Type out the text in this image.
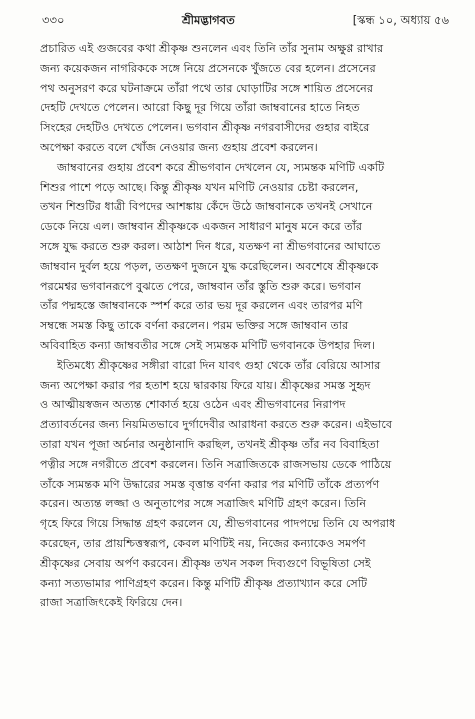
৩৩০	শ্রীমদ্ভাগবত	[স্কন্ধ ১০, অধ্যায় ৫৬
প্রচারিত এই গুজবের কথা শ্রীকৃষ্ণ শুনলেন এবং তিনি তাঁর সুনাম অক্ষুণ্ণ রাখার
জন্য কয়েকজন নাগরিককে সঙ্গে নিয়ে প্রসেনকে খুঁজতে বের হলেন। প্রসেনের
পথ অনুসরণ করে ঘটনাক্রমে তাঁরা পথে তার ঘোড়াটির সঙ্গে শায়িত প্রসেনের
দেহটি দেখতে পেলেন। আরো কিছু দূর গিয়ে তাঁরা জাম্ববানের হাতে নিহত
সিংহের দেহটিও দেখতে পেলেন। ভগবান শ্রীকৃষ্ণ নগরবাসীদের গুহার বাইরে
অপেক্ষা করতে বলে খোঁজ নেওয়ার জন্য গুহায় প্রবেশ করলেন।
জাম্ববানের গুহায় প্রবেশ করে শ্রীভগবান দেখলেন যে, স্যমন্তক মণিটি একটি
শিশুর পাশে পড়ে আছে। কিন্তু শ্রীকৃষ্ণ যখন মণিটি নেওয়ার চেষ্টা করলেন,
তখন শিশুটির ধাত্রী বিপদের আশঙ্কায় কেঁদে উঠে জাম্ববানকে তখনই সেখানে
ডেকে নিয়ে এল। জাম্ববান শ্রীকৃষ্ণকে একজন সাধারণ মানুষ মনে করে তাঁর
সঙ্গে যুদ্ধ করতে শুরু করল। আঠাশ দিন ধরে, যতক্ষণ না শ্রীভগবানের আঘাতে
জাম্ববান দুর্বল হয়ে পড়ল, ততক্ষণ দুজনে যুদ্ধ করেছিলেন। অবশেষে শ্রীকৃষ্ণকে
পরমেশ্বর ভগবানরূপে বুঝতে পেরে, জাম্ববান তাঁর স্তুতি শুরু করে। ভগবান
তাঁর পদ্মহস্তে জাম্ববানকে স্পর্শ করে তার ভয় দূর করলেন এবং তারপর মণি
সম্বন্ধে সমস্ত কিছু তাকে বর্ণনা করলেন। পরম ভক্তির সঙ্গে জাম্ববান তার
অবিবাহিত কন্যা জাম্ববতীর সঙ্গে সেই স্যমন্তক মণিটি ভগবানকে উপহার দিল।
ইতিমধ্যে শ্রীকৃষ্ণের সঙ্গীরা বারো দিন যাবৎ গুহা থেকে তাঁর বেরিয়ে আসার
জন্য অপেক্ষা করার পর হতাশ হয়ে দ্বারকায় ফিরে যায়। শ্রীকৃষ্ণের সমস্ত সুহৃদ
ও আত্মীয়স্বজন অত্যন্ত শোকার্ত হয়ে ওঠেন এবং শ্রীভগবানের নিরাপদ
প্রত্যাবর্তনের জন্য নিয়মিতভাবে দুর্গাদেবীর আরাধনা করতে শুরু করেন। এইভাবে
তারা যখন পূজা অর্চনার অনুষ্ঠানাদি করছিল, তখনই শ্রীকৃষ্ণ তাঁর নব বিবাহিতা
পত্নীর সঙ্গে নগরীতে প্রবেশ করলেন। তিনি সত্রাজিতকে রাজসভায় ডেকে পাঠিয়ে
তাঁকে স্যমন্তক মণি উদ্ধারের সমস্ত বৃত্তান্ত বর্ণনা করার পর মণিটি তাঁকে প্রত্যর্পণ
করেন। অত্যন্ত লজ্জা ও অনুতাপের সঙ্গে সত্রাজিৎ মণিটি গ্রহণ করেন। তিনি
গৃহে ফিরে গিয়ে সিদ্ধান্ত গ্রহণ করলেন যে, শ্রীভগবানের পাদপদ্মে তিনি যে অপরাধ
করেছেন, তার প্রায়শ্চিত্তস্বরূপ, কেবল মণিটিই নয়, নিজের কন্যাকেও সমর্পণ
শ্রীকৃষ্ণের সেবায় অর্পণ করবেন। শ্রীকৃষ্ণ তখন সকল দিব্যগুণে বিভূষিতা সেই
কন্যা সত্যভামার পাণিগ্রহণ করেন। কিন্তু মণিটি শ্রীকৃষ্ণ প্রত্যাখ্যান করে সেটি
রাজা সত্রাজিৎকেই ফিরিয়ে দেন।
